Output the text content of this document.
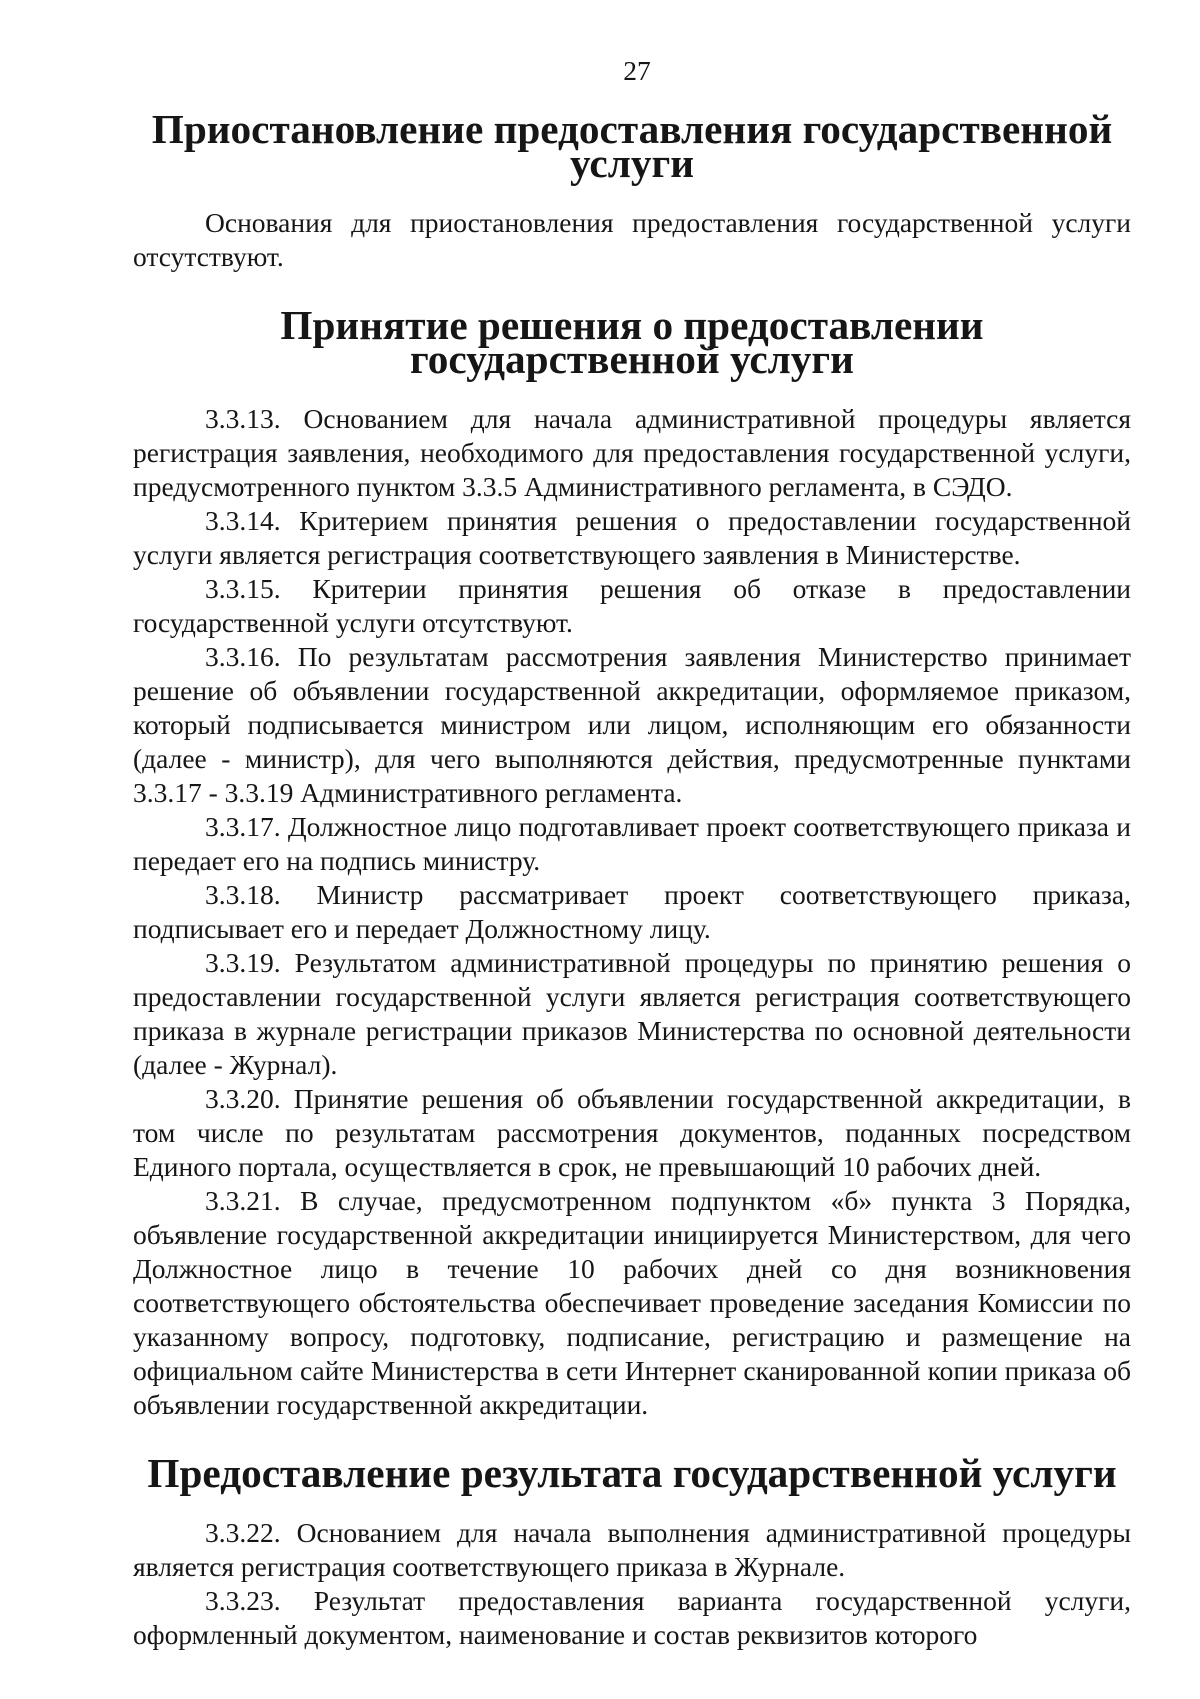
27
Приостановление предоставления государственной услуги

Основания для приостановления предоставления государственной услуги отсутствуют.

Принятие решения о предоставлении государственной услуги

3.3.13. Основанием для начала административной процедуры является регистрация заявления, необходимого для предоставления государственной услуги, предусмотренного пунктом 3.3.5 Административного регламента, в СЭДО.

3.3.14. Критерием принятия решения о предоставлении государственной услуги является регистрация соответствующего заявления в Министерстве.

3.3.15. Критерии принятия решения об отказе в предоставлении государственной услуги отсутствуют.

3.3.16. По результатам рассмотрения заявления Министерство принимает решение об объявлении государственной аккредитации, оформляемое приказом, который подписывается министром или лицом, исполняющим его обязанности (далее - министр), для чего выполняются действия, предусмотренные пунктами 3.3.17 - 3.3.19 Административного регламента.

3.3.17. Должностное лицо подготавливает проект соответствующего приказа и передает его на подпись министру.

3.3.18. Министр рассматривает проект соответствующего приказа, подписывает его и передает Должностному лицу.

3.3.19. Результатом административной процедуры по принятию решения о предоставлении государственной услуги является регистрация соответствующего приказа в журнале регистрации приказов Министерства по основной деятельности (далее - Журнал).

3.3.20. Принятие решения об объявлении государственной аккредитации, в том числе по результатам рассмотрения документов, поданных посредством Единого портала, осуществляется в срок, не превышающий 10 рабочих дней.

3.3.21. В случае, предусмотренном подпунктом «б» пункта 3 Порядка, объявление государственной аккредитации инициируется Министерством, для чего Должностное лицо в течение 10 рабочих дней со дня возникновения соответствующего обстоятельства обеспечивает проведение заседания Комиссии по указанному вопросу, подготовку, подписание, регистрацию и размещение на официальном сайте Министерства в сети Интернет сканированной копии приказа об объявлении государственной аккредитации.

Предоставление результата государственной услуги

3.3.22. Основанием для начала выполнения административной процедуры является регистрация соответствующего приказа в Журнале.

3.3.23. Результат предоставления варианта государственной услуги, оформленный документом, наименование и состав реквизитов которого
